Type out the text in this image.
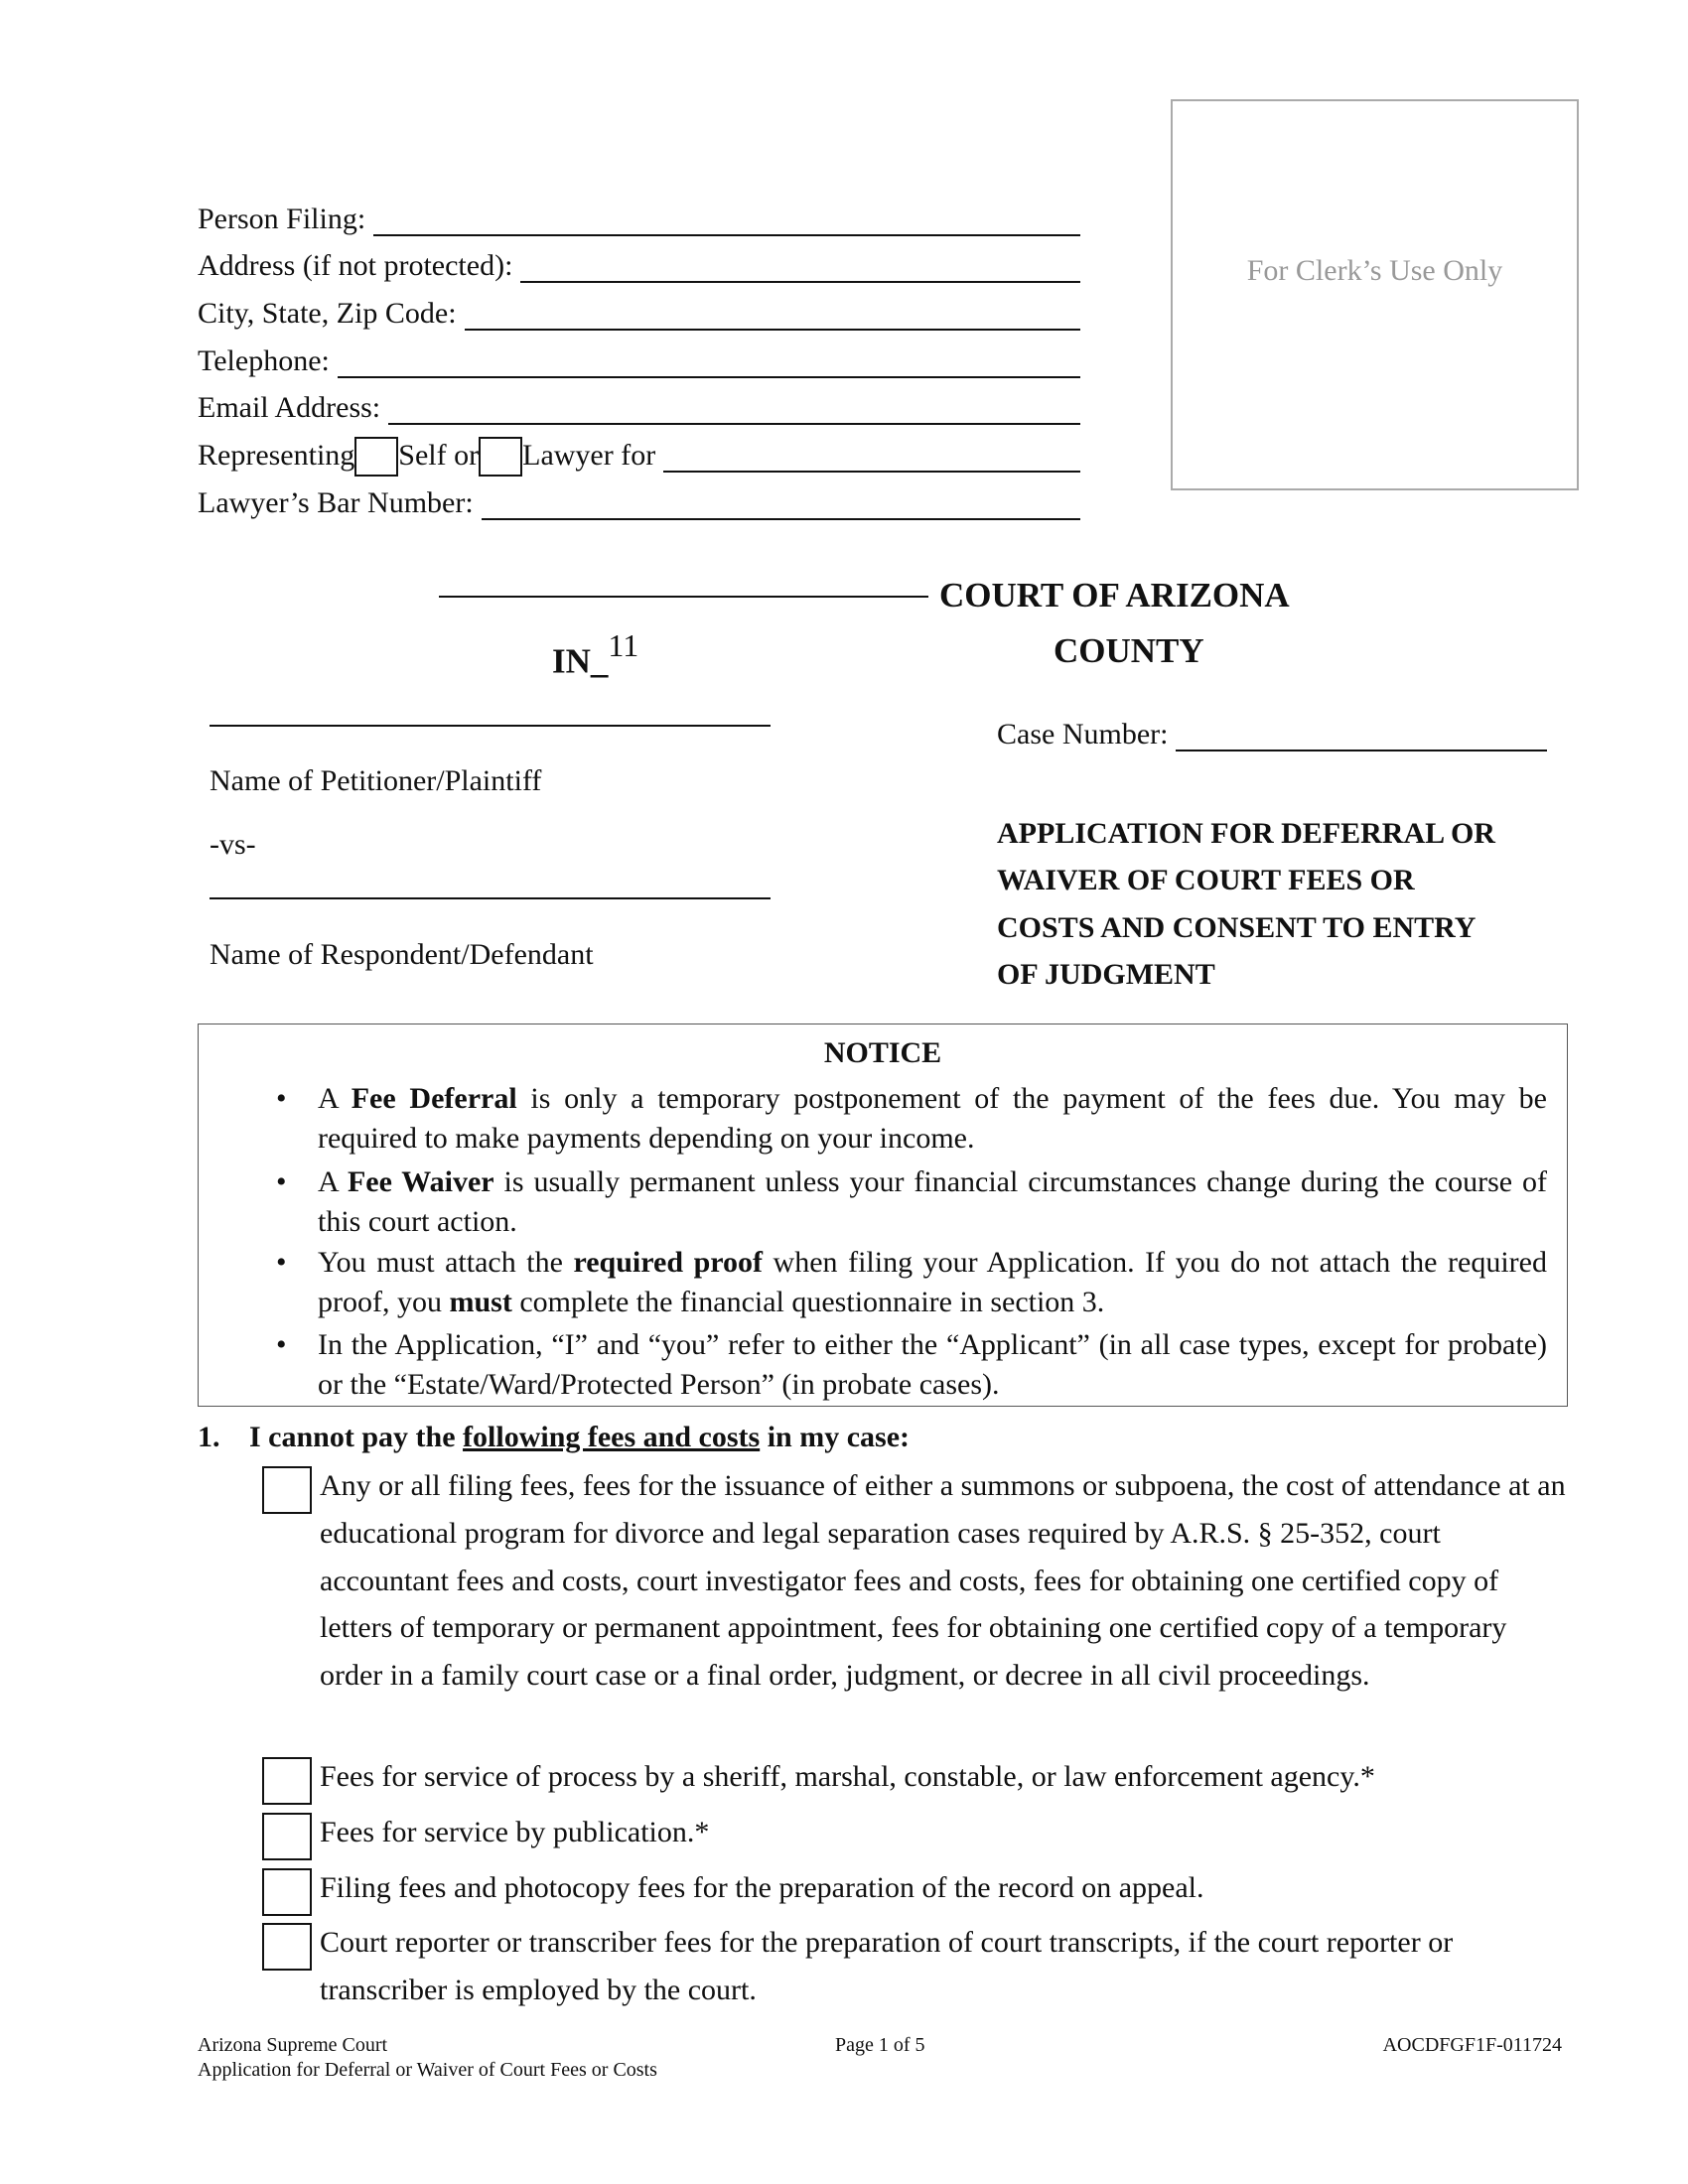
Person Filing:
Address (if not protected):
City, State, Zip Code:
Telephone:
Email Address:
Representing Self or Lawyer for
Lawyer’s Bar Number:
For Clerk’s Use Only
COURT OF ARIZONA
IN_$^{11}$	COUNTY
Name of Petitioner/Plaintiff
-vs-
Name of Respondent/Defendant
Case Number:
APPLICATION FOR DEFERRAL OR
WAIVER OF COURT FEES OR
COSTS AND CONSENT TO ENTRY
OF JUDGMENT
NOTICE
• A Fee Deferral is only a temporary postponement of the payment of the fees due. You may be required to make payments depending on your income.
• A Fee Waiver is usually permanent unless your financial circumstances change during the course of this court action.
• You must attach the required proof when filing your Application. If you do not attach the required proof, you must complete the financial questionnaire in section 3.
• In the Application, “I” and “you” refer to either the “Applicant” (in all case types, except for probate) or the “Estate/Ward/Protected Person” (in probate cases).
1. I cannot pay the following fees and costs in my case:
Any or all filing fees, fees for the issuance of either a summons or subpoena, the cost of attendance at an educational program for divorce and legal separation cases required by A.R.S. § 25-352, court accountant fees and costs, court investigator fees and costs, fees for obtaining one certified copy of letters of temporary or permanent appointment, fees for obtaining one certified copy of a temporary order in a family court case or a final order, judgment, or decree in all civil proceedings.
Fees for service of process by a sheriff, marshal, constable, or law enforcement agency.*
Fees for service by publication.*
Filing fees and photocopy fees for the preparation of the record on appeal.
Court reporter or transcriber fees for the preparation of court transcripts, if the court reporter or transcriber is employed by the court.
Arizona Supreme Court
Application for Deferral or Waiver of Court Fees or Costs
Page 1 of 5	AOCDFGF1F-011724
